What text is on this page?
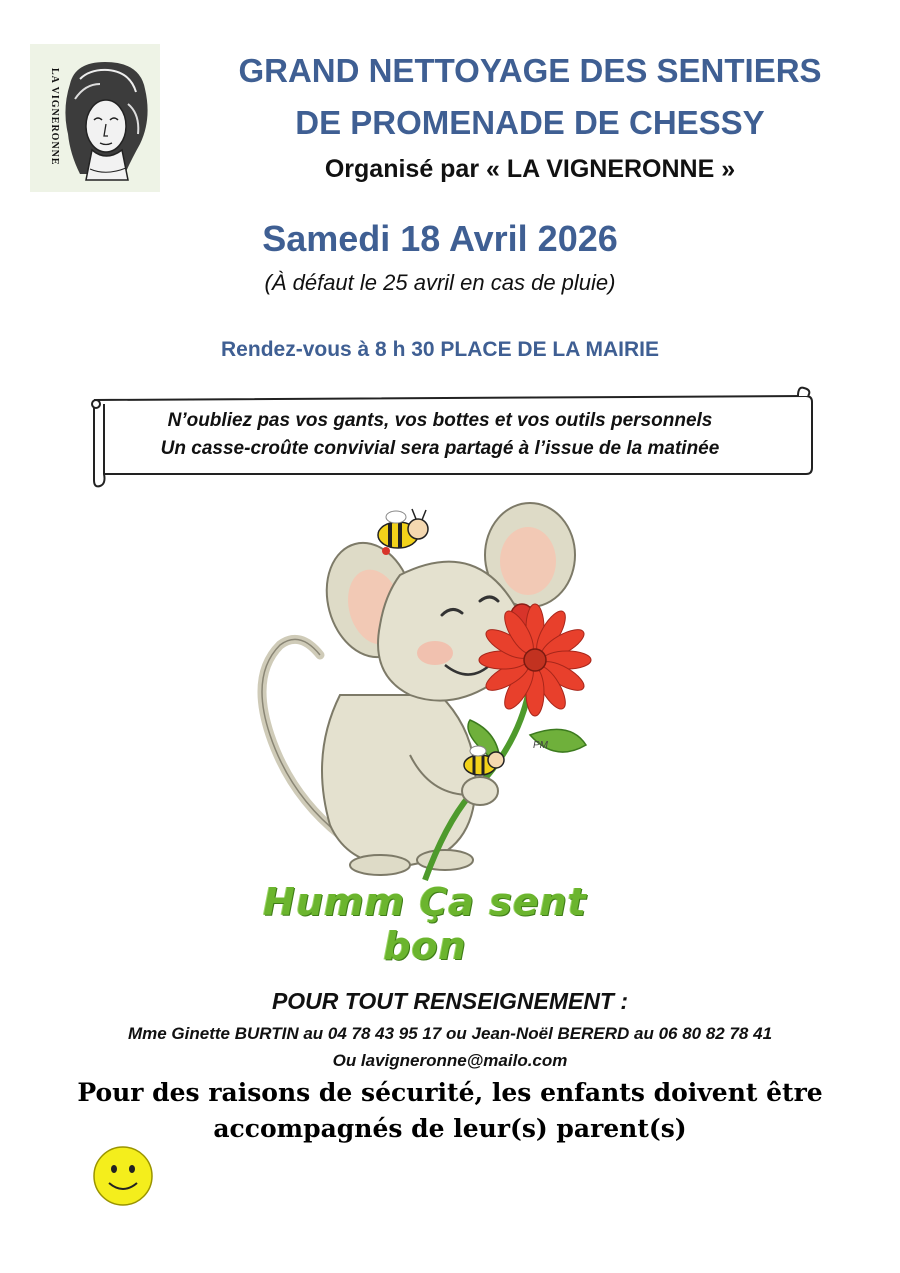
LA VIGNERONNE	GRAND NETTOYAGE DES SENTIERS
DE PROMENADE DE CHESSY
Organisé par « LA VIGNERONNE »
Samedi 18 Avril 2026
(À défaut le 25 avril en cas de pluie)
Rendez-vous à 8 h 30 PLACE DE LA MAIRIE
N’oubliez pas vos gants, vos bottes et vos outils personnels
Un casse-croûte convivial sera partagé à l’issue de la matinée
PM
Humm Ça sent bon
POUR TOUT RENSEIGNEMENT :
Mme Ginette BURTIN au 04 78 43 95 17 ou Jean-Noël BERERD au 06 80 82 78 41
Ou lavigneronne@mailo.com
Pour des raisons de sécurité, les enfants doivent être
accompagnés de leur(s) parent(s)
